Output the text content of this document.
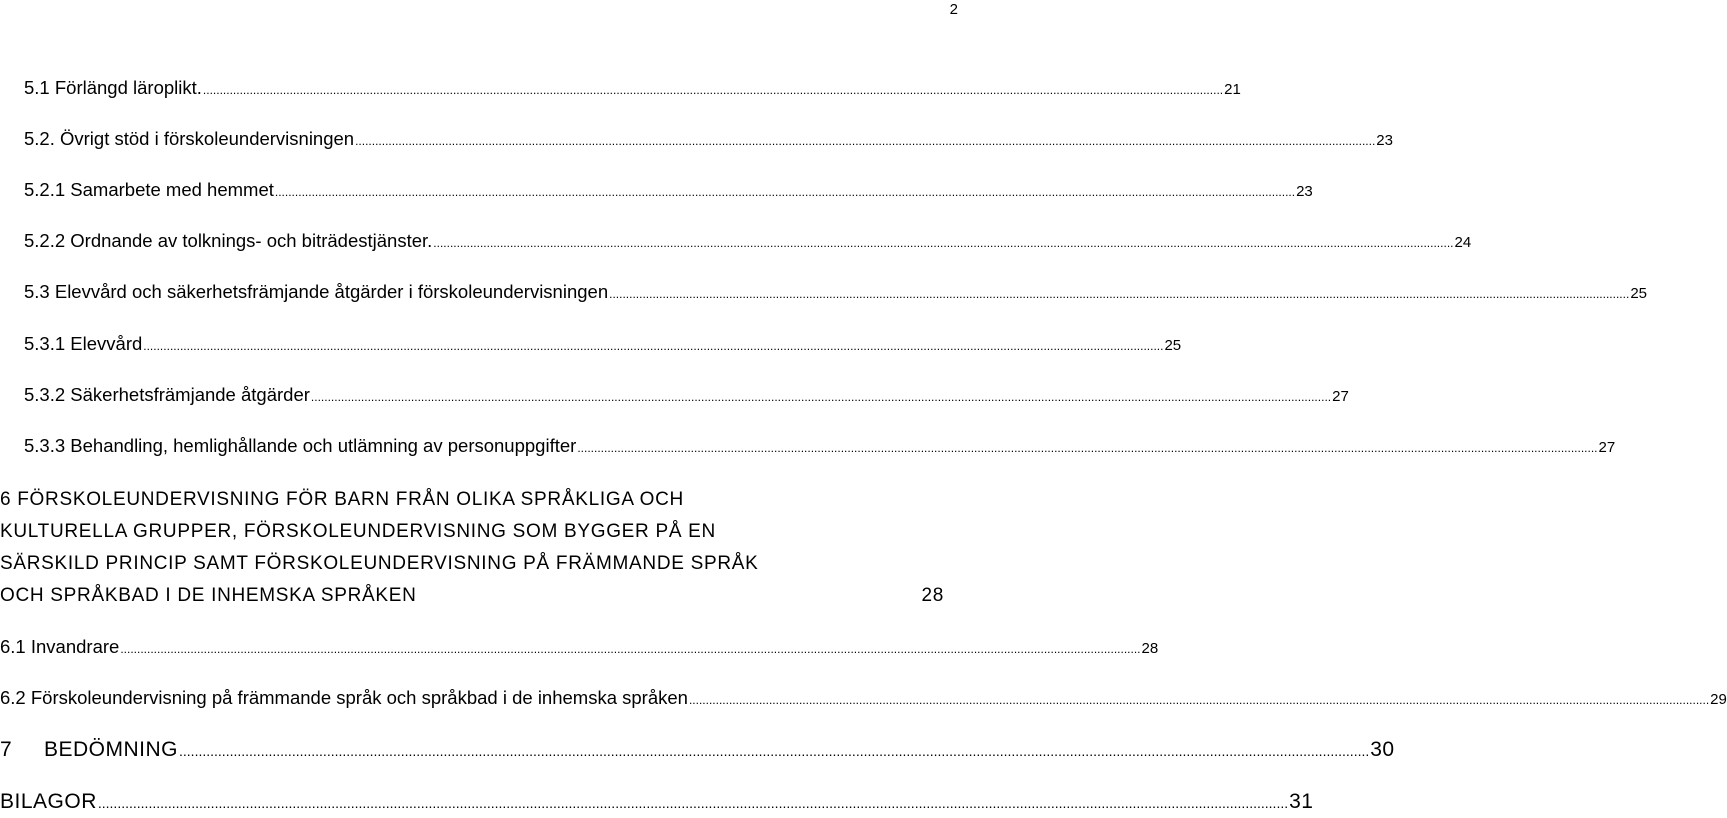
2
5.1 Förlängd läroplikt. .....	21
5.2. Övrigt stöd i förskoleundervisningen .....	23
5.2.1 Samarbete med hemmet .....	23
5.2.2 Ordnande av tolknings- och biträdestjänster. .....	24
5.3 Elevvård och säkerhetsfrämjande åtgärder i förskoleundervisningen .....	25
5.3.1 Elevvård .....	25
5.3.2 Säkerhetsfrämjande åtgärder .....	27
5.3.3 Behandling, hemlighållande och utlämning av personuppgifter .....	27
6 FÖRSKOLEUNDERVISNING FÖR BARN FRÅN OLIKA SPRÅKLIGA OCH
KULTURELLA GRUPPER, FÖRSKOLEUNDERVISNING SOM BYGGER PÅ EN
SÄRSKILD PRINCIP SAMT FÖRSKOLEUNDERVISNING PÅ FRÄMMANDE SPRÅK
OCH SPRÅKBAD I DE INHEMSKA SPRÅKEN	28
6.1 Invandrare .....	28
6.2 Förskoleundervisning på främmande språk och språkbad i de inhemska språken .....	29
7 BEDÖMNING .....	30
BILAGOR .....	31
